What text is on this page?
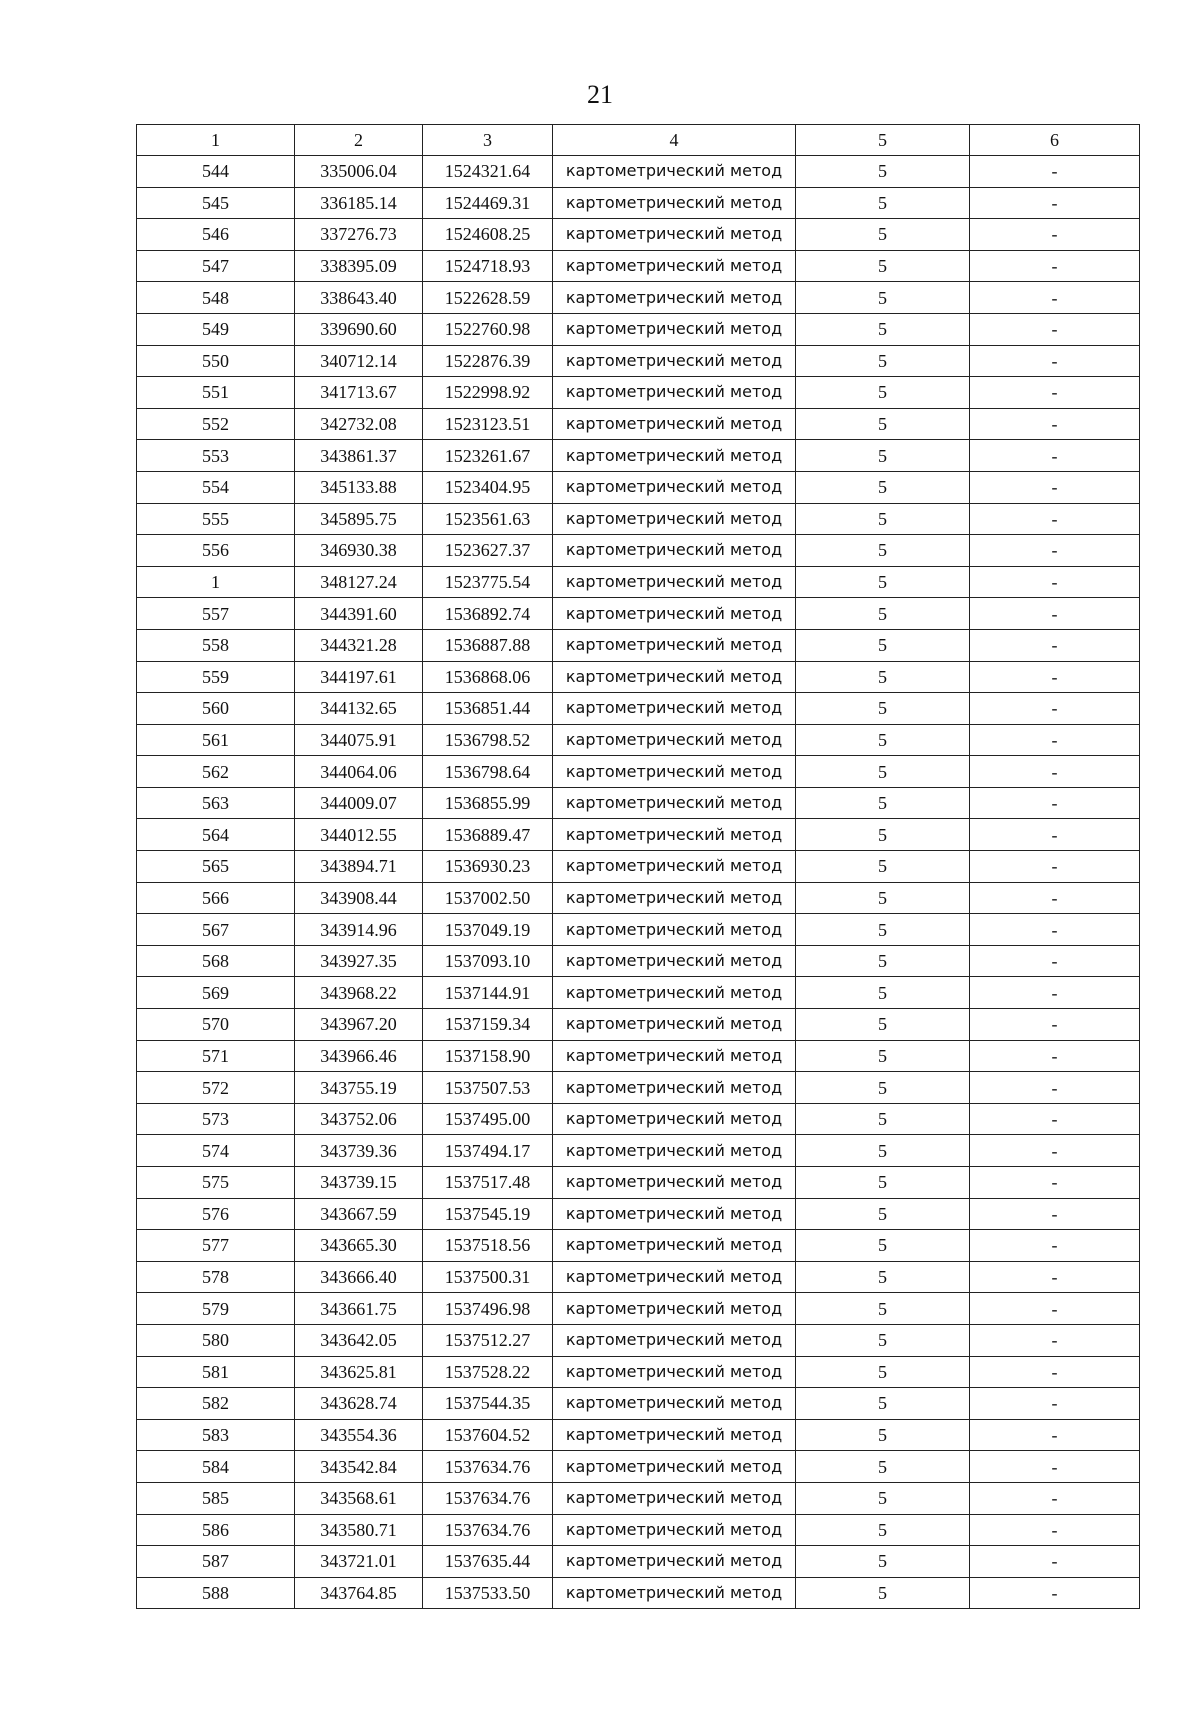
21
1	2	3	4	5	6
544	335006.04	1524321.64	картометрический метод	5	-
545	336185.14	1524469.31	картометрический метод	5	-
546	337276.73	1524608.25	картометрический метод	5	-
547	338395.09	1524718.93	картометрический метод	5	-
548	338643.40	1522628.59	картометрический метод	5	-
549	339690.60	1522760.98	картометрический метод	5	-
550	340712.14	1522876.39	картометрический метод	5	-
551	341713.67	1522998.92	картометрический метод	5	-
552	342732.08	1523123.51	картометрический метод	5	-
553	343861.37	1523261.67	картометрический метод	5	-
554	345133.88	1523404.95	картометрический метод	5	-
555	345895.75	1523561.63	картометрический метод	5	-
556	346930.38	1523627.37	картометрический метод	5	-
1	348127.24	1523775.54	картометрический метод	5	-
557	344391.60	1536892.74	картометрический метод	5	-
558	344321.28	1536887.88	картометрический метод	5	-
559	344197.61	1536868.06	картометрический метод	5	-
560	344132.65	1536851.44	картометрический метод	5	-
561	344075.91	1536798.52	картометрический метод	5	-
562	344064.06	1536798.64	картометрический метод	5	-
563	344009.07	1536855.99	картометрический метод	5	-
564	344012.55	1536889.47	картометрический метод	5	-
565	343894.71	1536930.23	картометрический метод	5	-
566	343908.44	1537002.50	картометрический метод	5	-
567	343914.96	1537049.19	картометрический метод	5	-
568	343927.35	1537093.10	картометрический метод	5	-
569	343968.22	1537144.91	картометрический метод	5	-
570	343967.20	1537159.34	картометрический метод	5	-
571	343966.46	1537158.90	картометрический метод	5	-
572	343755.19	1537507.53	картометрический метод	5	-
573	343752.06	1537495.00	картометрический метод	5	-
574	343739.36	1537494.17	картометрический метод	5	-
575	343739.15	1537517.48	картометрический метод	5	-
576	343667.59	1537545.19	картометрический метод	5	-
577	343665.30	1537518.56	картометрический метод	5	-
578	343666.40	1537500.31	картометрический метод	5	-
579	343661.75	1537496.98	картометрический метод	5	-
580	343642.05	1537512.27	картометрический метод	5	-
581	343625.81	1537528.22	картометрический метод	5	-
582	343628.74	1537544.35	картометрический метод	5	-
583	343554.36	1537604.52	картометрический метод	5	-
584	343542.84	1537634.76	картометрический метод	5	-
585	343568.61	1537634.76	картометрический метод	5	-
586	343580.71	1537634.76	картометрический метод	5	-
587	343721.01	1537635.44	картометрический метод	5	-
588	343764.85	1537533.50	картометрический метод	5	-
